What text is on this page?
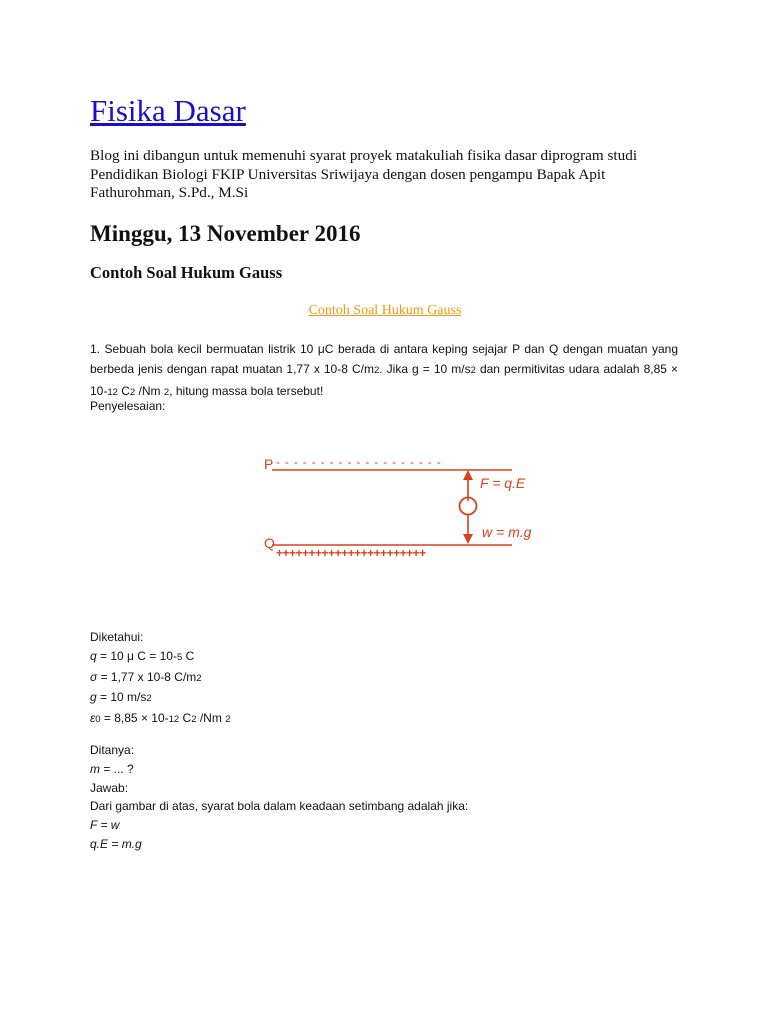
Fisika Dasar

Blog ini dibangun untuk memenuhi syarat proyek matakuliah fisika dasar diprogram studi Pendidikan Biologi FKIP Universitas Sriwijaya dengan dosen pengampu Bapak Apit Fathurohman, S.Pd., M.Si

Minggu, 13 November 2016
Contoh Soal Hukum Gauss
Contoh Soal Hukum Gauss

1. Sebuah bola kecil bermuatan listrik 10 μC berada di antara keping sejajar P dan Q dengan muatan yang berbeda jenis dengan rapat muatan 1,77 x 10-8 C/m2. Jika g = 10 m/s2 dan permitivitas udara adalah 8,85 × 10-12 C2 /Nm 2, hitung massa bola tersebut!

Penyelesaian:
P - - - - - - - - - - - - - - - - - - -
F = q.E
w = m.g
Q
+++++++++++++++++++++++
Diketahui:
q = 10 μ C = 10-5 C
σ = 1,77 x 10-8 C/m2
g = 10 m/s2
ε0 = 8,85 × 10-12 C2 /Nm 2
Ditanya:
m = ... ?
Jawab:
Dari gambar di atas, syarat bola dalam keadaan setimbang adalah jika:
F = w
q.E = m.g
